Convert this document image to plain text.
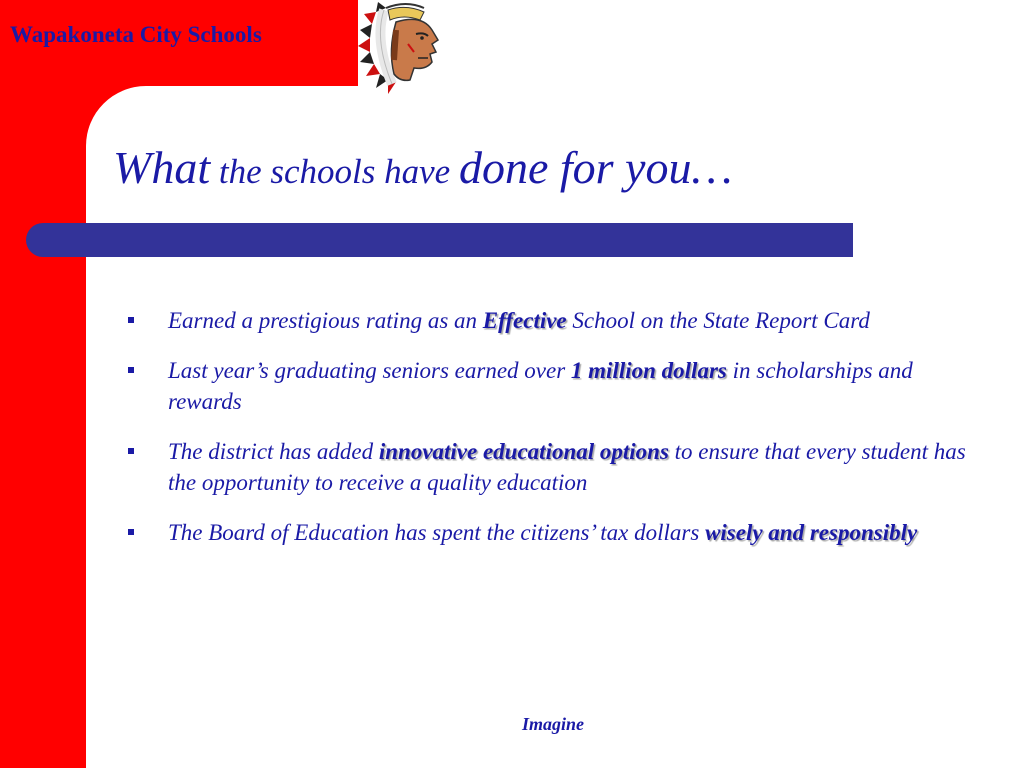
Wapakoneta City Schools
What the schools have done for you…
Earned a prestigious rating as an Effective School on the State Report Card
Last year’s graduating seniors earned over 1 million dollars in scholarships and rewards
The district has added innovative educational options to ensure that every student has the opportunity to receive a quality education
The Board of Education has spent the citizens’ tax dollars wisely and responsibly
Imagine
